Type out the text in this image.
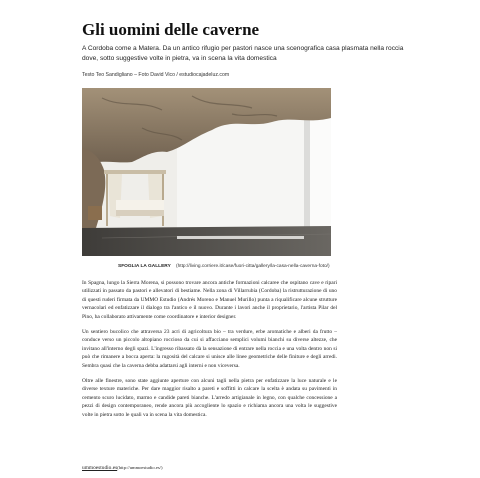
Gli uomini delle caverne
A Cordoba come a Matera. Da un antico rifugio per pastori nasce una scenografica casa plasmata nella roccia dove, sotto suggestive volte in pietra, va in scena la vita domestica
Testo Teo Sandigliano – Foto David Vico / estudiocajadeluz.com
SFOGLIA LA GALLERY (http://living.corriere.it/case/fuori-citta/gallery/la-casa-nella-caverna-foto/)

In Spagna, lungo la Sierra Morena, si possono trovare ancora antiche formazioni calcaree che ospitano cave e ripari utilizzati in passato da pastori e allevatori di bestiame. Nella zona di Villarrubia (Cordoba) la ristrutturazione di uno di questi ruderi firmata da UMMO Estudio (Andrés Moreno e Manuel Murillo) punta a riqualificare alcune strutture vernacolari ed enfatizzare il dialogo tra l'antico e il nuovo. Durante i lavori anche il proprietario, l'artista Pilar del Pino, ha collaborato attivamente come coordinatore e interior designer.

Un sentiero bucolico che attraversa 23 acri di agricoltura bio – tra verdure, erbe aromatiche e alberi da frutto – conduce verso un piccolo altopiano roccioso da cui si affacciano semplici volumi bianchi su diverse altezze, che invitano all'interno degli spazi. L'ingresso ribassato dà la sensazione di entrare nella roccia e una volta dentro non si può che rimanere a bocca aperta: la rugosità del calcare si unisce alle linee geometriche delle finiture e degli arredi. Sembra quasi che la caverna debba adattarsi agli interni e non viceversa.

Oltre alle finestre, sono state aggiunte aperture con alcuni tagli nella pietra per enfatizzare la luce naturale e le diverse texture materiche. Per dare maggior risalto a pareti e soffitti in calcare la scelta è andata su pavimenti in cemento scuro lucidato, marmo e candide pareti bianche. L'arredo artigianale in legno, con qualche concessione a pezzi di design contemporaneo, rende ancora più accogliente lo spazio e richiama ancora una volta le suggestive volte in pietra sotto le quali va in scena la vita domestica.

ummoestudio.es(http://ummoestudio.es/)
